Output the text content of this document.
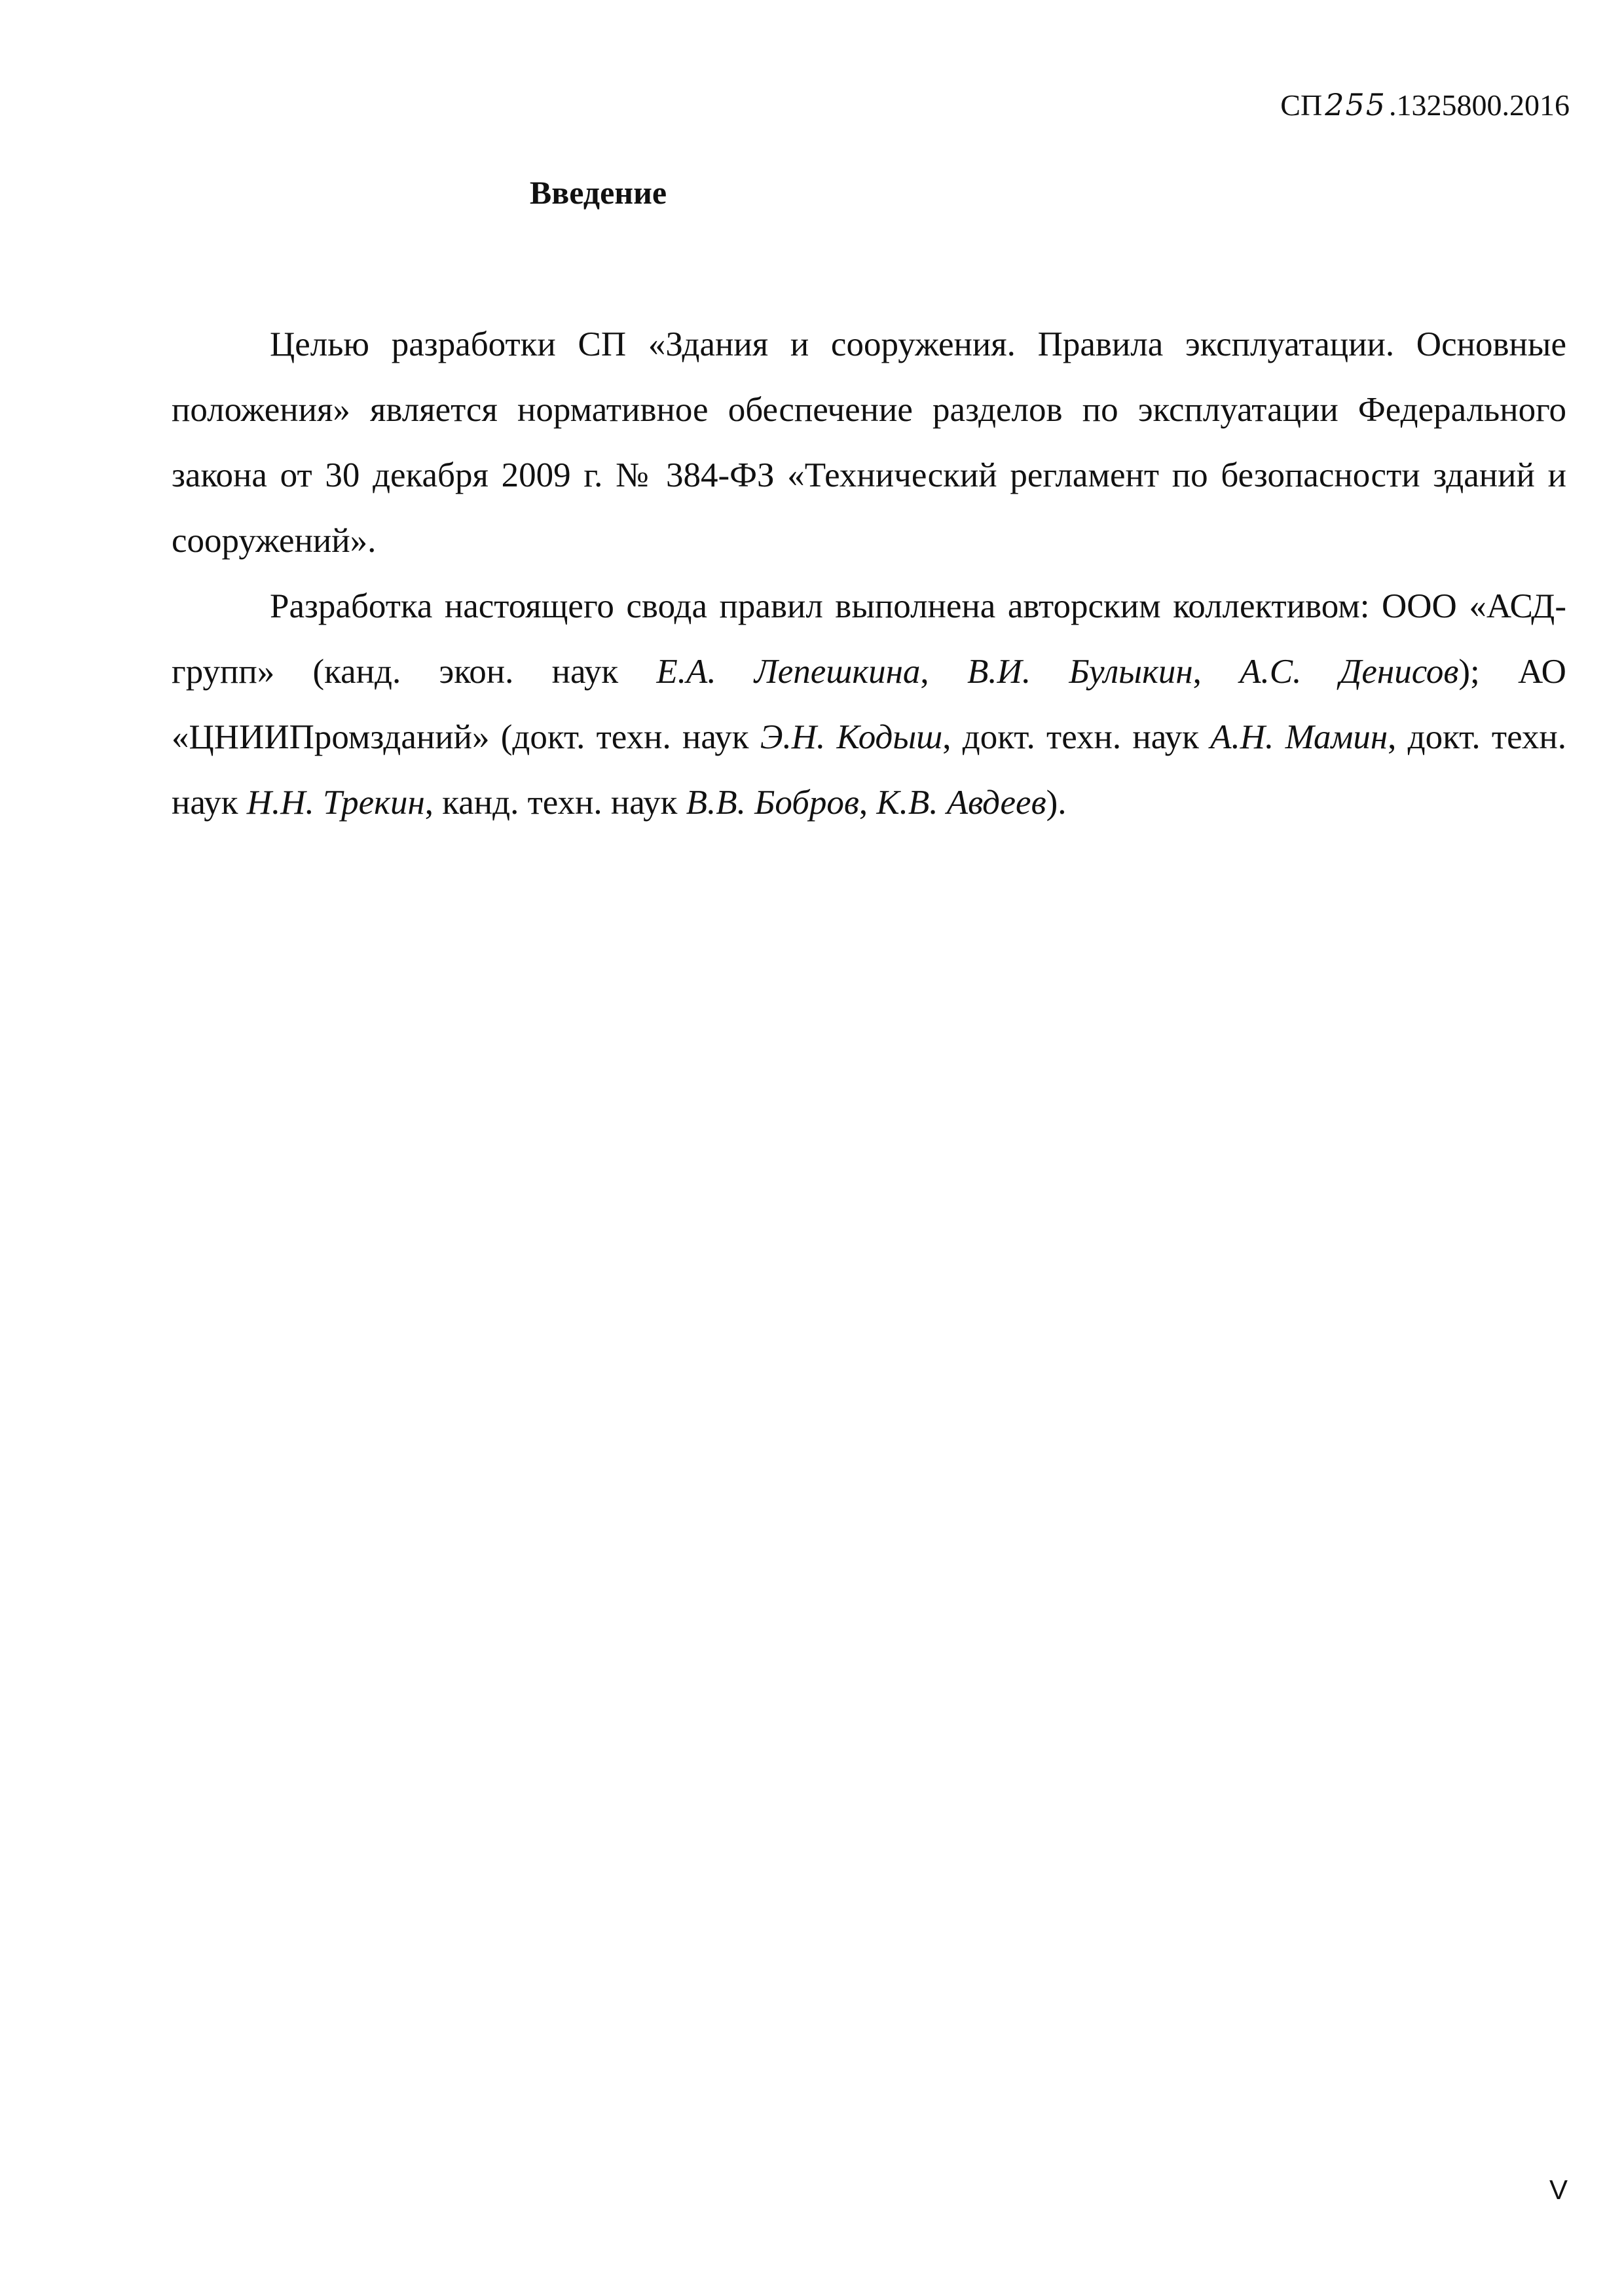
СП255.1325800.2016
Введение

Целью разработки СП «Здания и сооружения. Правила эксплуатации. Основные положения» является нормативное обеспечение разделов по эксплуатации Федерального закона от 30 декабря 2009 г. № 384-ФЗ «Технический регламент по безопасности зданий и сооружений».

Разработка настоящего свода правил выполнена авторским коллективом: ООО «АСД-групп» (канд. экон. наук Е.А. Лепешкина, В.И. Булыкин, А.С. Денисов); АО «ЦНИИПромзданий» (докт. техн. наук Э.Н. Кодыш, докт. техн. наук А.Н. Мамин, докт. техн. наук Н.Н. Трекин, канд. техн. наук В.В. Бобров, К.В. Авдеев).

V
